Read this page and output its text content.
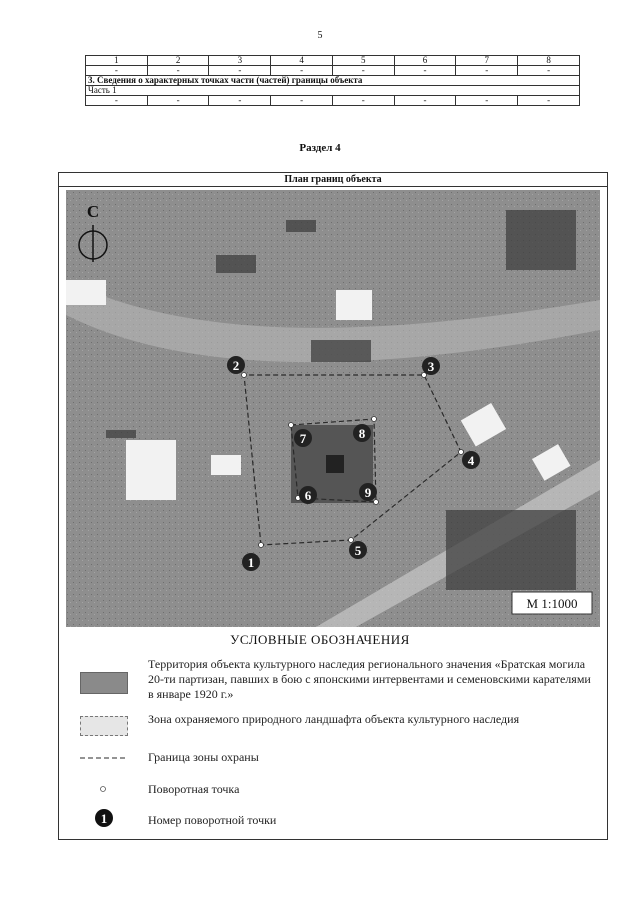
5
1	2	3	4	5	6	7	8
-	-	-	-	-	-	-	-
3. Сведения о характерных точках части (частей) границы объекта							
Часть 1							
-	-	-	-	-	-	-	-
Раздел 4
План границ объекта
1
2	3
4
5
6
7	8
9
С
М 1:1000
УСЛОВНЫЕ ОБОЗНАЧЕНИЯ
Территория объекта культурного наследия регионального значения «Братская могила 20-ти партизан, павших в бою с японскими интервентами и семеновскими карателями в январе 1920 г.»
Зона охраняемого природного ландшафта объекта культурного наследия
Граница зоны охраны
Поворотная точка
1	Номер поворотной точки
